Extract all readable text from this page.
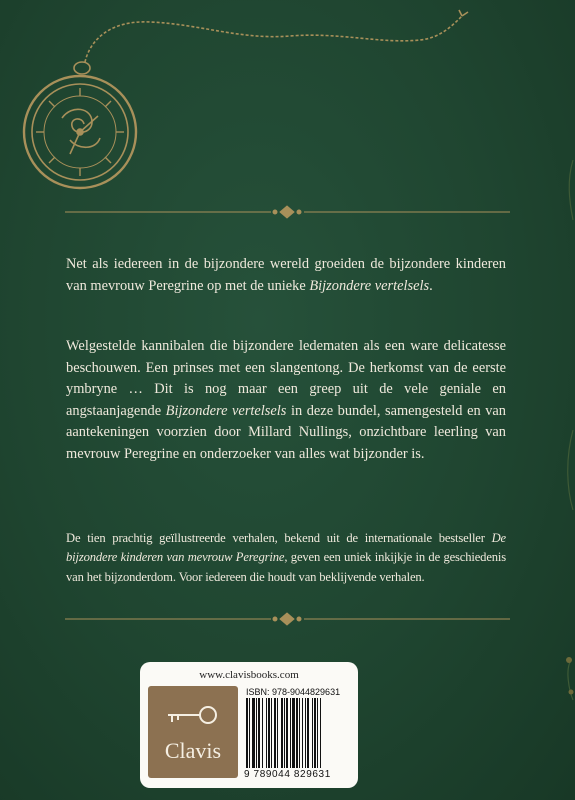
Net als iedereen in de bijzondere wereld groeiden de bijzondere kinderen van mevrouw Peregrine op met de unieke Bijzondere vertelsels.

Welgestelde kannibalen die bijzondere ledematen als een ware delicatesse beschouwen. Een prinses met een slangentong. De herkomst van de eerste ymbryne … Dit is nog maar een greep uit de vele geniale en angstaanjagende Bijzondere vertelsels in deze bundel, samengesteld en van aantekeningen voorzien door Millard Nullings, onzichtbare leerling van mevrouw Peregrine en onderzoeker van alles wat bijzonder is.

De tien prachtig geïllustreerde verhalen, bekend uit de internationale bestseller De bijzondere kinderen van mevrouw Peregrine, geven een uniek inkijkje in de geschiedenis van het bijzonderdom. Voor iedereen die houdt van beklijvende verhalen.

www.clavisbooks.com
Clavis
ISBN: 978-9044829631
9 789044 829631
